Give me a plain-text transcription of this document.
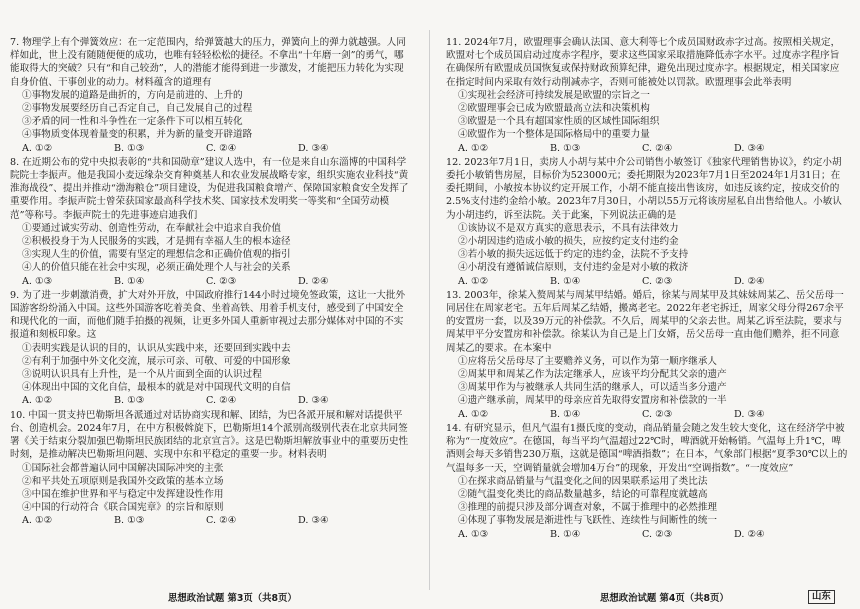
7. 物理学上有个弹簧效应：在一定范围内，给弹簧越大的压力，弹簧向上的弹力就越强。人同样如此，世上没有随随便便的成功，也唯有轻轻松松的捷径。不拿出“十年磨一剑”的勇气，哪能取得大的突破？只有“和自己较劲”，人的潜能才能得到进一步激发，才能把压力转化为实现自身价值、干事创业的动力。材料蕴含的道理有
①事物发展的道路是曲折的，方向是前进的、上升的
②事物发展要经历自己否定自己，自己发展自己的过程
③矛盾的同一性和斗争性在一定条件下可以相互转化
④事物质变体现着量变的积累，并为新的量变开辟道路
A. ①②	B. ①③	C. ②④	D. ③④
8. 在近期公布的党中央拟表彰的“共和国勋章”建议人选中，有一位是来自山东淄博的中国科学院院士李振声。他是我国小麦远缘杂交育种奠基人和农业发展战略专家，组织实施农业科技“黄淮海战役”、提出并推动“渤海粮仓”项目建设，为促进我国粮食增产、保障国家粮食安全发挥了重要作用。李振声院士曾荣获国家最高科学技术奖、国家技术发明奖一等奖和“全国劳动模范”等称号。李振声院士的先进事迹启迪我们
①要通过诚实劳动、创造性劳动，在奉献社会中追求自我价值
②积极投身于为人民服务的实践，才是拥有幸福人生的根本途径
③实现人生的价值，需要有坚定的理想信念和正确价值观的指引
④人的价值只能在社会中实现，必须正确处理个人与社会的关系
A. ①③	B. ①④	C. ②③	D. ②④
9. 为了进一步刺激消费，扩大对外开放，中国政府推行144小时过境免签政策，这让一大批外国游客纷纷涌入中国。这些外国游客吃着美食、坐着高铁、用着手机支付，感受到了中国安全和现代化的一面，而他们随手拍摄的视频，让更多外国人重新审视过去那分媒体对中国的不实报道和刻板印象。这
①表明实践是认识的目的，认识从实践中来，还要回到实践中去
②有利于加强中外文化交流，展示可亲、可敬、可爱的中国形象
③说明认识具有上升性，是一个从片面到全面的认识过程
④体现出中国的文化自信，最根本的就是对中国现代文明的自信
A. ①②	B. ①③	C. ②④	D. ③④
10. 中国一贯支持巴勒斯坦各派通过对话协商实现和解、团结，为巴各派开展和解对话提供平台、创造机会。2024年7月，在中方积极斡旋下，巴勒斯坦14个派别高级别代表在北京共同签署《关于结束分裂加强巴勒斯坦民族团结的北京宣言》。这是巴勒斯坦解放事业中的重要历史性时刻，是推动解决巴勒斯坦问题、实现中东和平稳定的重要一步。材料表明
①国际社会都普遍认同中国解决国际冲突的主张
②和平共处五项原则是我国外交政策的基本立场
③中国在维护世界和平与稳定中发挥建设性作用
④中国的行动符合《联合国宪章》的宗旨和原则
A. ①②	B. ①③	C. ②④	D. ③④
11. 2024年7月，欧盟理事会确认法国、意大利等七个成员国财政赤字过高。按照相关规定，欧盟对七个成员国启动过度赤字程序，要求这些国家采取措施降低赤字水平。过度赤字程序旨在确保所有欧盟成员国恢复或保持财政预算纪律，避免出现过度赤字。根据规定，相关国家应在指定时间内采取有效行动削减赤字，否则可能被处以罚款。欧盟理事会此举表明
①实现社会经济可持续发展是欧盟的宗旨之一
②欧盟理事会已成为欧盟最高立法和决策机构
③欧盟是一个具有超国家性质的区域性国际组织
④欧盟作为一个整体是国际格局中的重要力量
A. ①②	B. ①③	C. ②④	D. ③④
12. 2023年7月1日，卖房人小胡与某中介公司销售小敏签订《独家代理销售协议》，约定小胡委托小敏销售房屋，目标价为523000元；委托期限为2023年7月1日至2024年1月31日；在委托期间，小敏按本协议约定开展工作，小胡不能直接出售该房，如违反该约定，按成交价的2.5%支付违约金给小敏。2023年7月30日，小胡以55万元将该房屋私自出售给他人。小敏认为小胡违约，诉至法院。关于此案，下列说法正确的是
①该协议不是双方真实的意思表示，不具有法律效力
②小胡因违约造成小敏的损失，应按约定支付违约金
③若小敏的损失远远低于约定的违约金，法院不予支持
④小胡没有遵循诚信原则，支付违约金是对小敏的救济
A. ①②	B. ①④	C. ②③	D. ②④
13. 2003年，徐某入赘周某与周某甲结婚。婚后，徐某与周某甲及其妹妹周某乙、岳父岳母一同居住在周家老宅。五年后周某乙结婚，搬离老宅。2022年老宅拆迁，周家父母分得267余平的安置房一套，以及39万元的补偿款。不久后，周某甲的父亲去世。周某乙诉至法院，要求与周某甲平分安置房和补偿款。徐某认为自己是上门女婿，岳父岳母一直由他们赡养，拒不同意周某乙的要求。在本案中
①应将岳父岳母尽了主要赡养义务，可以作为第一顺序继承人
②周某甲和周某乙作为法定继承人，应该平均分配其父亲的遗产
③周某甲作为与被继承人共同生活的继承人，可以适当多分遗产
④遗产继承前，周某甲的母亲应首先取得安置房和补偿款的一半
A. ①②	B. ①④	C. ②③	D. ③④
14. 有研究显示，但凡气温有1摄氏度的变动，商品销量会随之发生较大变化，这在经济学中被称为“一度效应”。在德国，每当平均气温超过22℃时，啤酒就开始畅销。气温每上升1℃，啤酒则会每天多销售230万瓶，这就是德国“啤酒指数”；在日本，气象部门根据“夏季30℃以上的气温每多一天，空调销量就会增加4万台”的现象，开发出“空调指数”。“一度效应”
①在探求商品销量与气温变化之间的因果联系运用了类比法
②随气温变化类比的商品数量越多，结论的可靠程度就越高
③推理的前提只涉及部分调查对象，不属于推理中的必然推理
④体现了事物发展是渐进性与飞跃性、连续性与间断性的统一
A. ①③	B. ①④	C. ②③	D. ②④
思想政治试题 第3页（共8页）	思想政治试题 第4页（共8页）	山东
